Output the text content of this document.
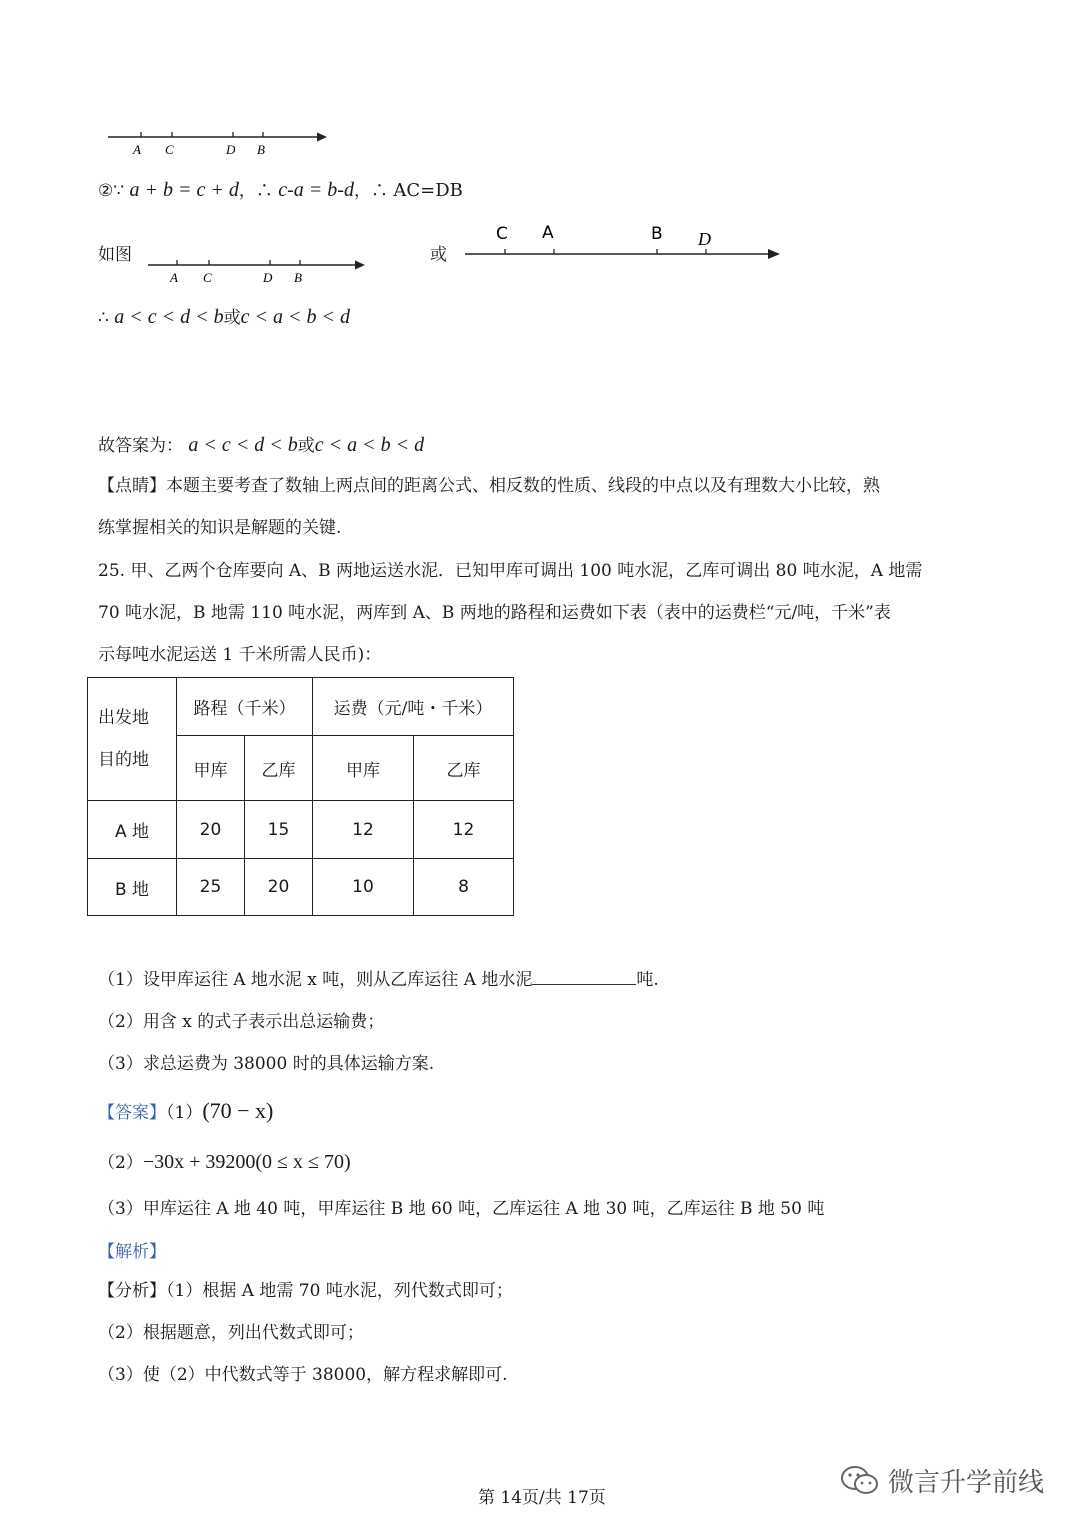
A C	D B
②∵ a + b = c + d，∴ c-a = b-d，∴ AC=DB
如图
A C	D B
或
C A	B D
∴ a < c < d < b或c < a < b < d
故答案为： a < c < d < b或c < a < b < d
【点睛】本题主要考查了数轴上两点间的距离公式、相反数的性质、线段的中点以及有理数大小比较，熟
练掌握相关的知识是解题的关键.
25. 甲、乙两个仓库要向 A、B 两地运送水泥．已知甲库可调出 100 吨水泥，乙库可调出 80 吨水泥，A 地需
70 吨水泥，B 地需 110 吨水泥，两库到 A、B 两地的路程和运费如下表（表中的运费栏“元/吨，千米”表
示每吨水泥运送 1 千米所需人民币)：
出发地
目的地	路程（千米）		运费（元/吨・千米）	
	甲库	乙库	甲库	乙库
A 地	20	15	12	12
B 地	25	20	10	8
（1）设甲库运往 A 地水泥 x 吨，则从乙库运往 A 地水泥	吨.
（2）用含 x 的式子表示出总运输费；
（3）求总运费为 38000 时的具体运输方案.
【答案】（1）(70 − x)
（2）−30x + 39200(0 ≤ x ≤ 70)
（3）甲库运往 A 地 40 吨，甲库运往 B 地 60 吨，乙库运往 A 地 30 吨，乙库运往 B 地 50 吨
【解析】
【分析】（1）根据 A 地需 70 吨水泥，列代数式即可；
（2）根据题意，列出代数式即可；
（3）使（2）中代数式等于 38000，解方程求解即可.
第 14页/共 17页	微言升学前线
